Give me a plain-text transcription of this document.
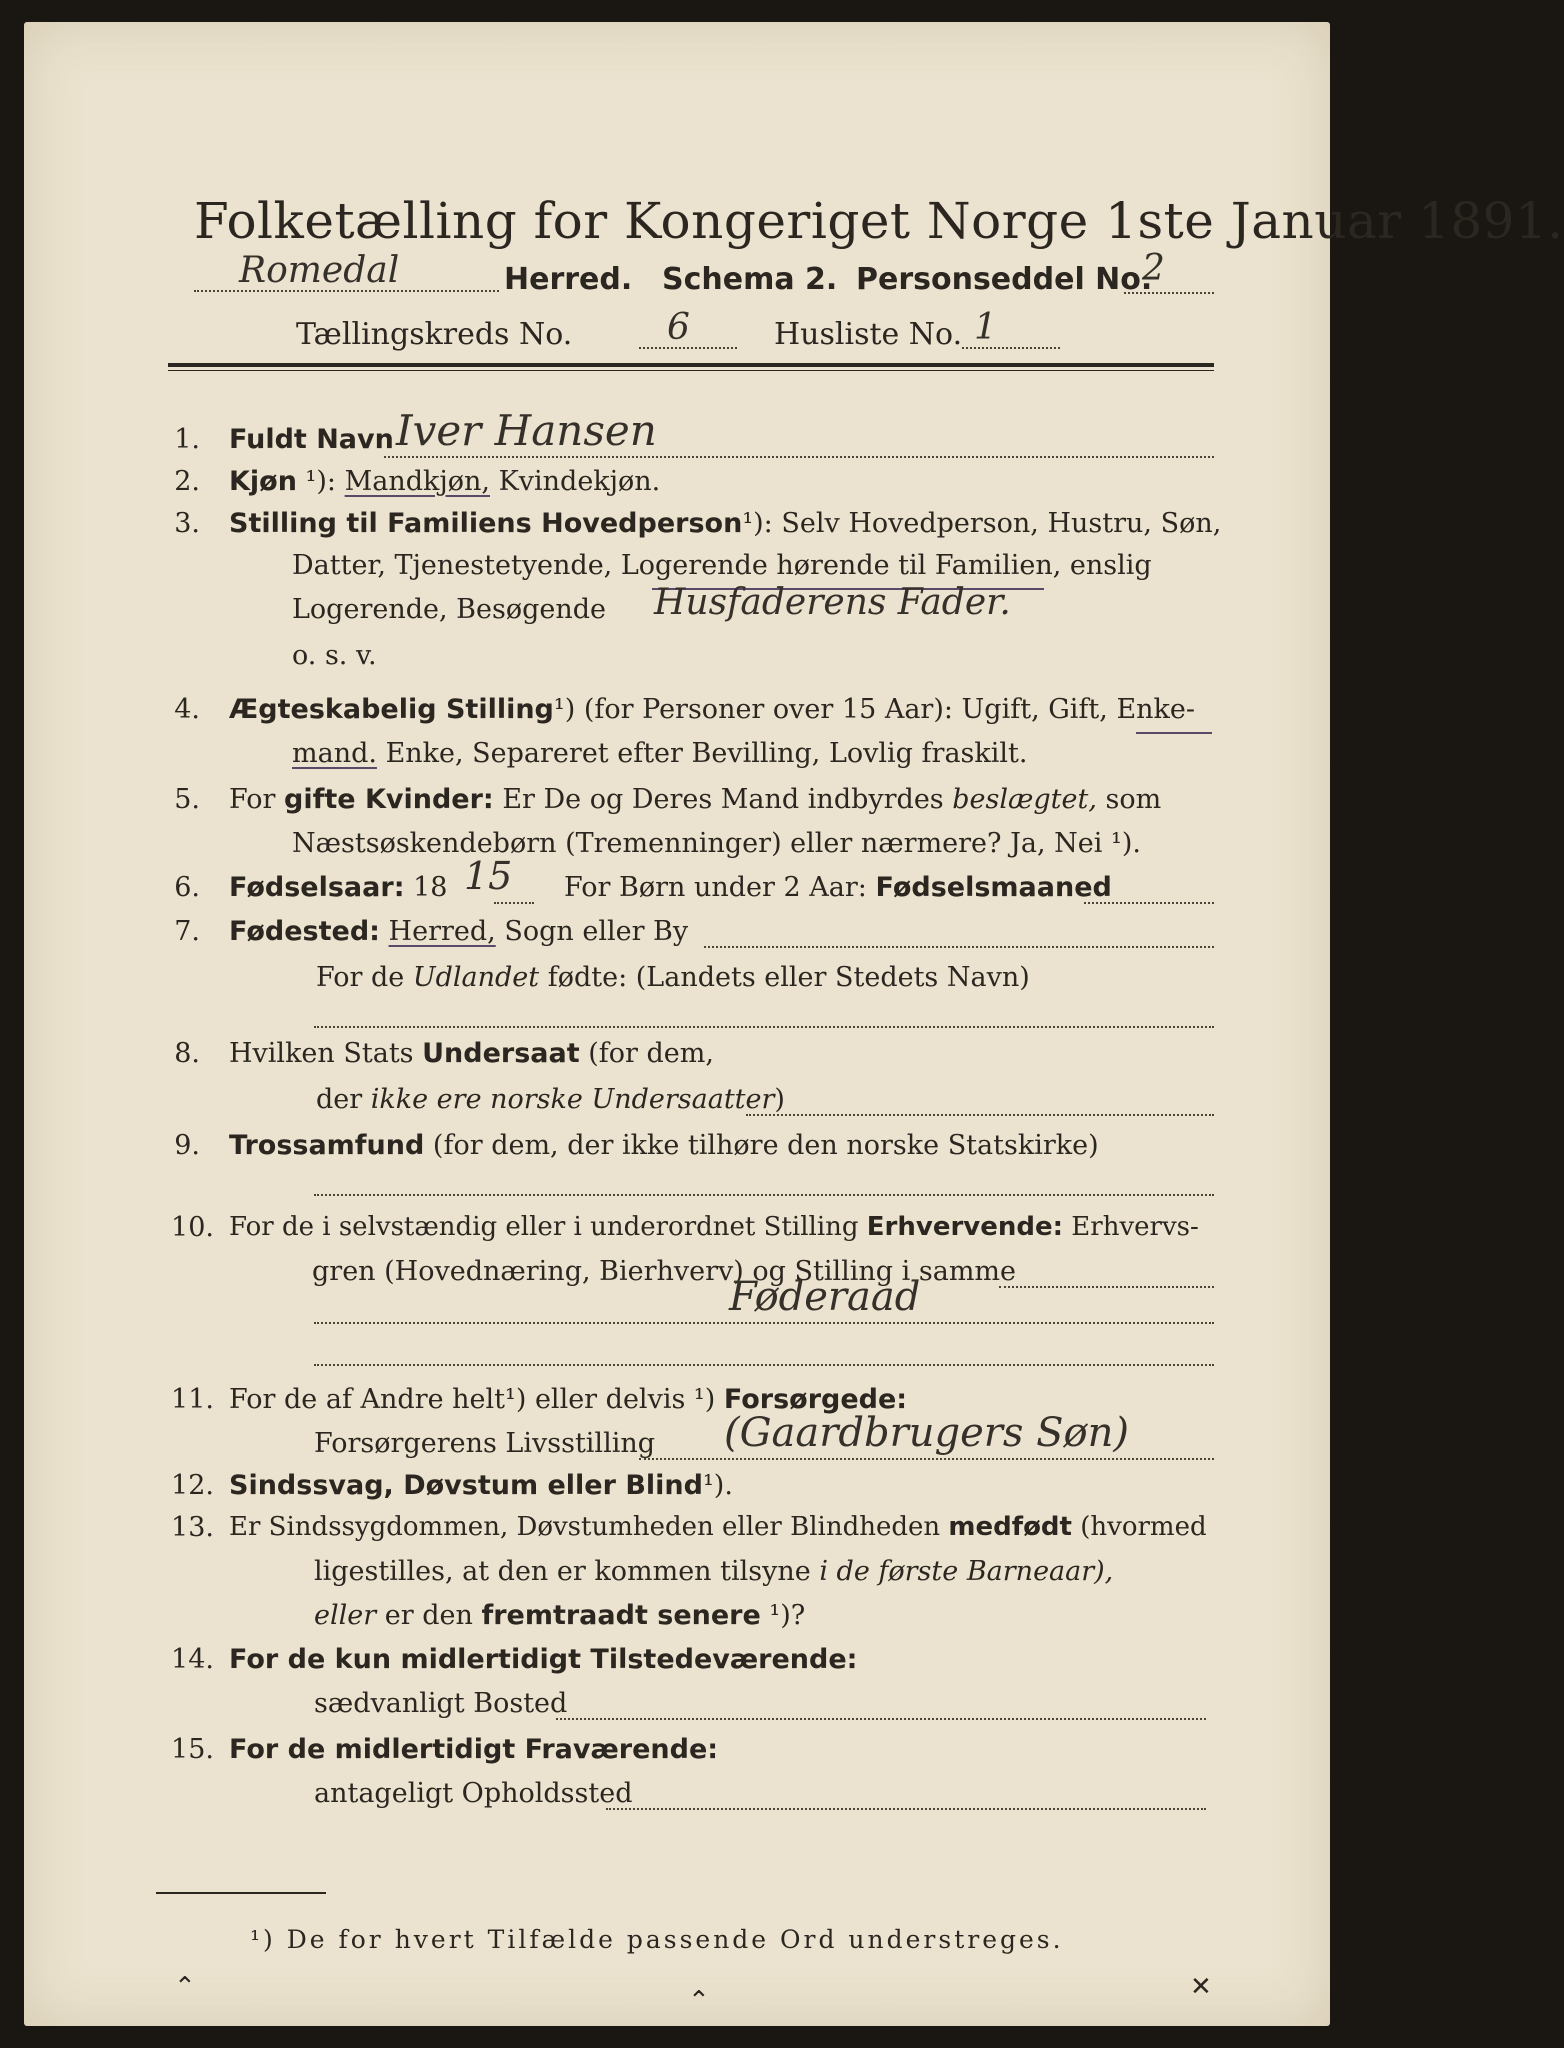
Folketælling for Kongeriget Norge 1ste Januar 1891.
Romedal	Herred. Schema 2. Personseddel No.
2
Tællingskreds No.	6	Husliste No. 1
1. Fuldt Navn Iver Hansen
2. Kjøn ¹): Mandkjøn, Kvindekjøn.
3. Stilling til Familiens Hovedperson¹): Selv Hovedperson, Hustru, Søn,
Datter, Tjenestetyende, Logerende hørende til Familien, enslig
Logerende, Besøgende Husfaderens Fader.
o. s. v.
4. Ægteskabelig Stilling¹) (for Personer over 15 Aar): Ugift, Gift, Enke-
mand. Enke, Separeret efter Bevilling, Lovlig fraskilt.
5. For gifte Kvinder: Er De og Deres Mand indbyrdes beslægtet, som
Næstsøskendebørn (Tremenninger) eller nærmere? Ja, Nei ¹).
6. Fødselsaar: 18 15 For Børn under 2 Aar: Fødselsmaaned
7. Fødested: Herred, Sogn eller By
For de Udlandet fødte: (Landets eller Stedets Navn)
8. Hvilken Stats Undersaat (for dem,
der ikke ere norske Undersaatter)
9. Trossamfund (for dem, der ikke tilhøre den norske Statskirke)
10. For de i selvstændig eller i underordnet Stilling Erhvervende: Erhvervs-
gren (Hovednæring, Bierhverv) og Stilling i samme
Føderaad
11. For de af Andre helt¹) eller delvis ¹) Forsørgede:
Forsørgerens Livsstilling (Gaardbrugers Søn)
12. Sindssvag, Døvstum eller Blind¹).
13. Er Sindssygdommen, Døvstumheden eller Blindheden medfødt (hvormed
ligestilles, at den er kommen tilsyne i de første Barneaar),
eller er den fremtraadt senere ¹)?
14. For de kun midlertidigt Tilstedeværende:
sædvanligt Bosted
15. For de midlertidigt Fraværende:
antageligt Opholdssted
¹) De for hvert Tilfælde passende Ord understreges.
⌃	⌃	✕
